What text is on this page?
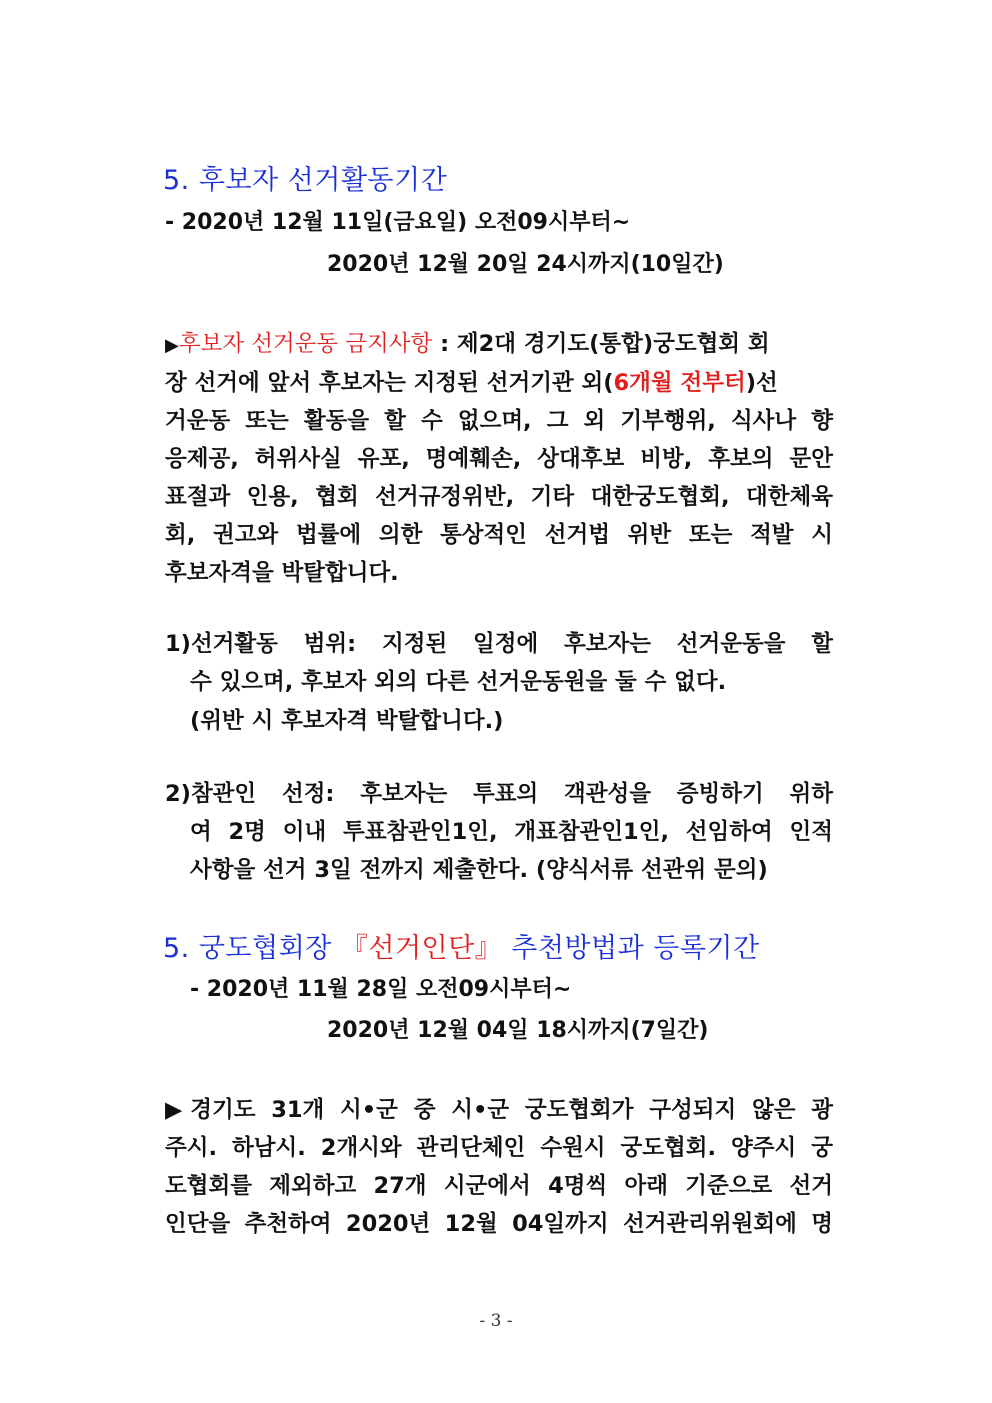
5. 후보자 선거활동기간
- 2020년 12월 11일(금요일) 오전09시부터~
2020년 12월 20일 24시까지(10일간)
▶후보자 선거운동 금지사항 : 제2대 경기도(통합)궁도협회 회
장 선거에 앞서 후보자는 지정된 선거기관 외(6개월 전부터)선
거운동 또는 활동을 할 수 없으며, 그 외 기부행위, 식사나 향
응제공, 허위사실 유포, 명예훼손, 상대후보 비방, 후보의 문안
표절과 인용, 협회 선거규정위반, 기타 대한궁도협회, 대한체육
회, 권고와 법률에 의한 통상적인 선거법 위반 또는 적발 시
후보자격을 박탈합니다.
1)선거활동 범위: 지정된 일정에 후보자는 선거운동을 할
수 있으며, 후보자 외의 다른 선거운동원을 둘 수 없다.
(위반 시 후보자격 박탈합니다.)
2)참관인 선정: 후보자는 투표의 객관성을 증빙하기 위하
여 2명 이내 투표참관인1인, 개표참관인1인, 선임하여 인적
사항을 선거 3일 전까지 제출한다. (양식서류 선관위 문의)
5. 궁도협회장 『선거인단』 추천방법과 등록기간
- 2020년 11월 28일 오전09시부터~
2020년 12월 04일 18시까지(7일간)
▶경기도 31개 시•군 중 시•군 궁도협회가 구성되지 않은 광
주시. 하남시. 2개시와 관리단체인 수원시 궁도협회. 양주시 궁
도협회를 제외하고 27개 시군에서 4명씩 아래 기준으로 선거
인단을 추천하여 2020년 12월 04일까지 선거관리위원회에 명
- 3 -
